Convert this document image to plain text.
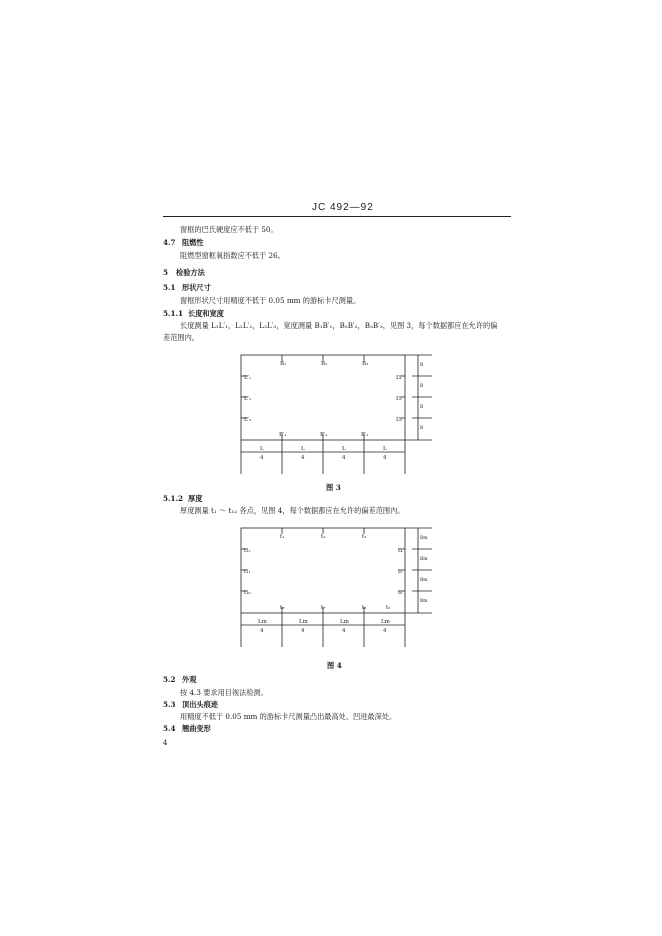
JC 492—92
窗框的巴氏硬度应不低于 50。
4.7 阻燃性
阻燃型窗框氧指数应不低于 26。
5 检验方法
5.1 形状尺寸
窗框形状尺寸用精度不低于 0.05 mm 的游标卡尺测量。
5.1.1 长度和宽度
长度测量 L₁L′₁，L₂L′₂，L₃L′₃，宽度测量 B₁B′₁，B₂B′₂，B₃B′₃，见图 3，每个数据都应在允许的偏
差范围内。
B₁	B₂	B₃
B′₁	B′₂	B′₃
L′₁
L′₂
L′₃
L₁
L₂
L₃
L	L	L	L
4	4	4	4
B
B
B
B
图 3
5.1.2 厚度
厚度测量 t₁ ～ t₁₂ 各点，见图 4，每个数据都应在允许的偏差范围内。
t₁	t₂	t₃
t₈	t₇	t₆	t₅
t₁₂
t₁₁
t₁₀
t₄
t₅
t₆
Lm	Lm	Lm	Lm
4	4	4	4
Bm
Bm
Bm
Bm
图 4
5.2 外观
按 4.3 要求用目视法检测。
5.3 顶出头痕迹
用精度不低于 0.05 mm 的游标卡尺测量凸出最高处、凹进最深处。
5.4 翘曲变形
4
